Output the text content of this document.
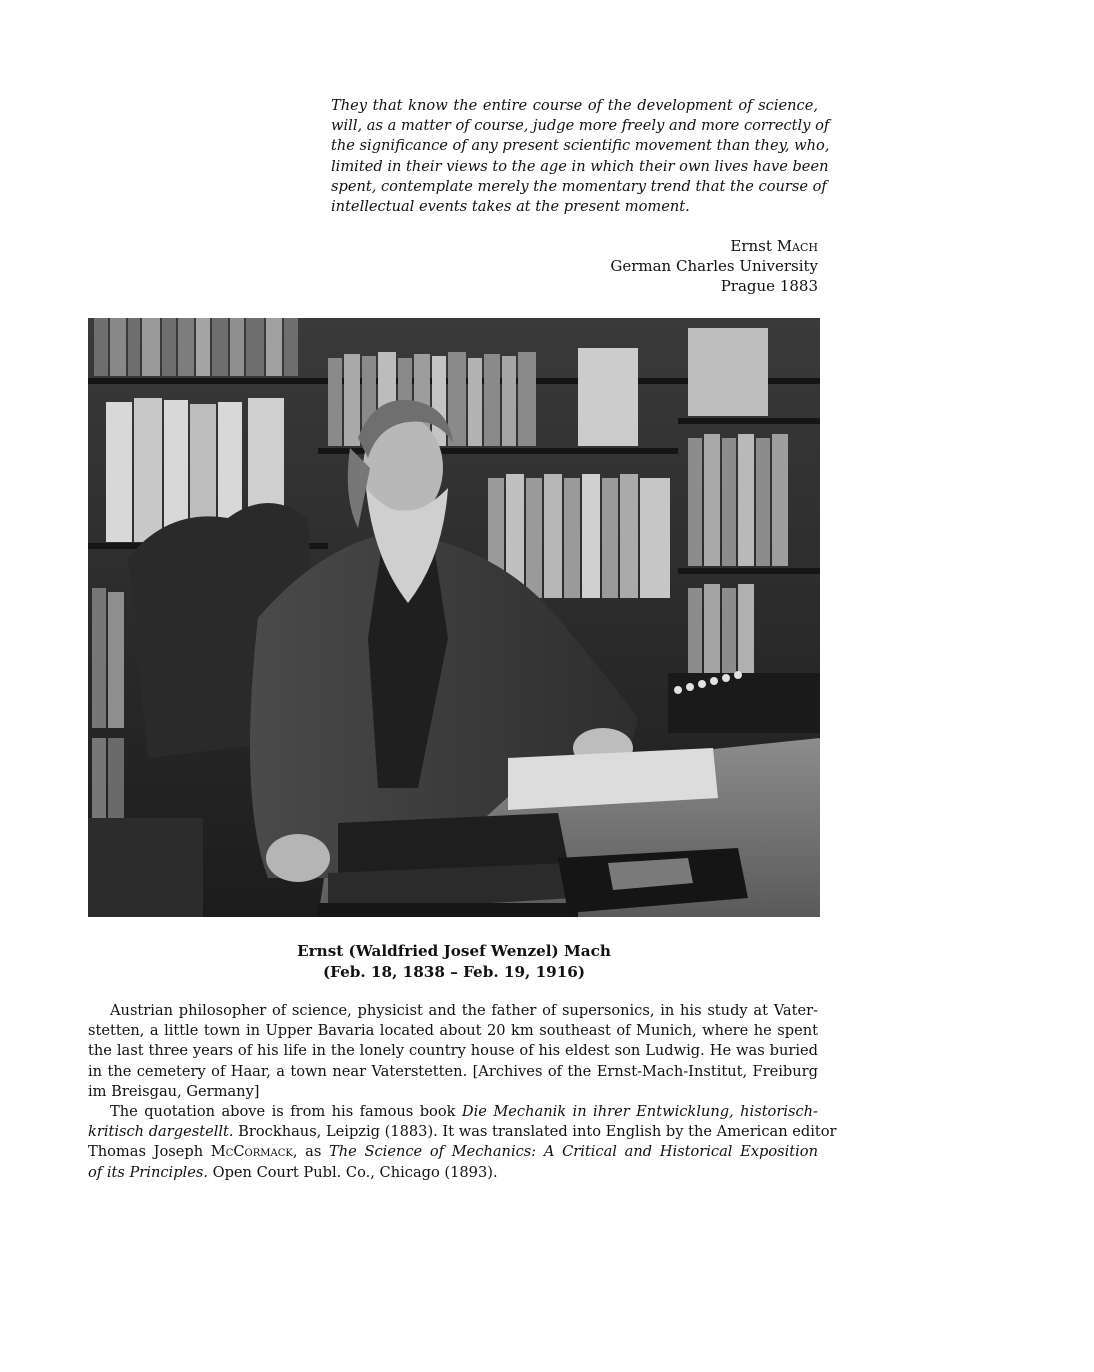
They that know the entire course of the development of science,
will, as a matter of course, judge more freely and more correctly of
the significance of any present scientific movement than they, who,
limited in their views to the age in which their own lives have been
spent, contemplate merely the momentary trend that the course of
intellectual events takes at the present moment.
Ernst Mach
German Charles University
Prague 1883
Ernst (Waldfried Josef Wenzel) Mach
(Feb. 18, 1838 – Feb. 19, 1916)
Austrian philosopher of science, physicist and the father of supersonics, in his study at Vater-
stetten, a little town in Upper Bavaria located about 20 km southeast of Munich, where he spent
the last three years of his life in the lonely country house of his eldest son Ludwig. He was buried
in the cemetery of Haar, a town near Vaterstetten. [Archives of the Ernst-Mach-Institut, Freiburg
im Breisgau, Germany]
The quotation above is from his famous book Die Mechanik in ihrer Entwicklung, historisch-
kritisch dargestellt. Brockhaus, Leipzig (1883). It was translated into English by the American editor
Thomas Joseph McCormack, as The Science of Mechanics: A Critical and Historical Exposition
of its Principles. Open Court Publ. Co., Chicago (1893).
